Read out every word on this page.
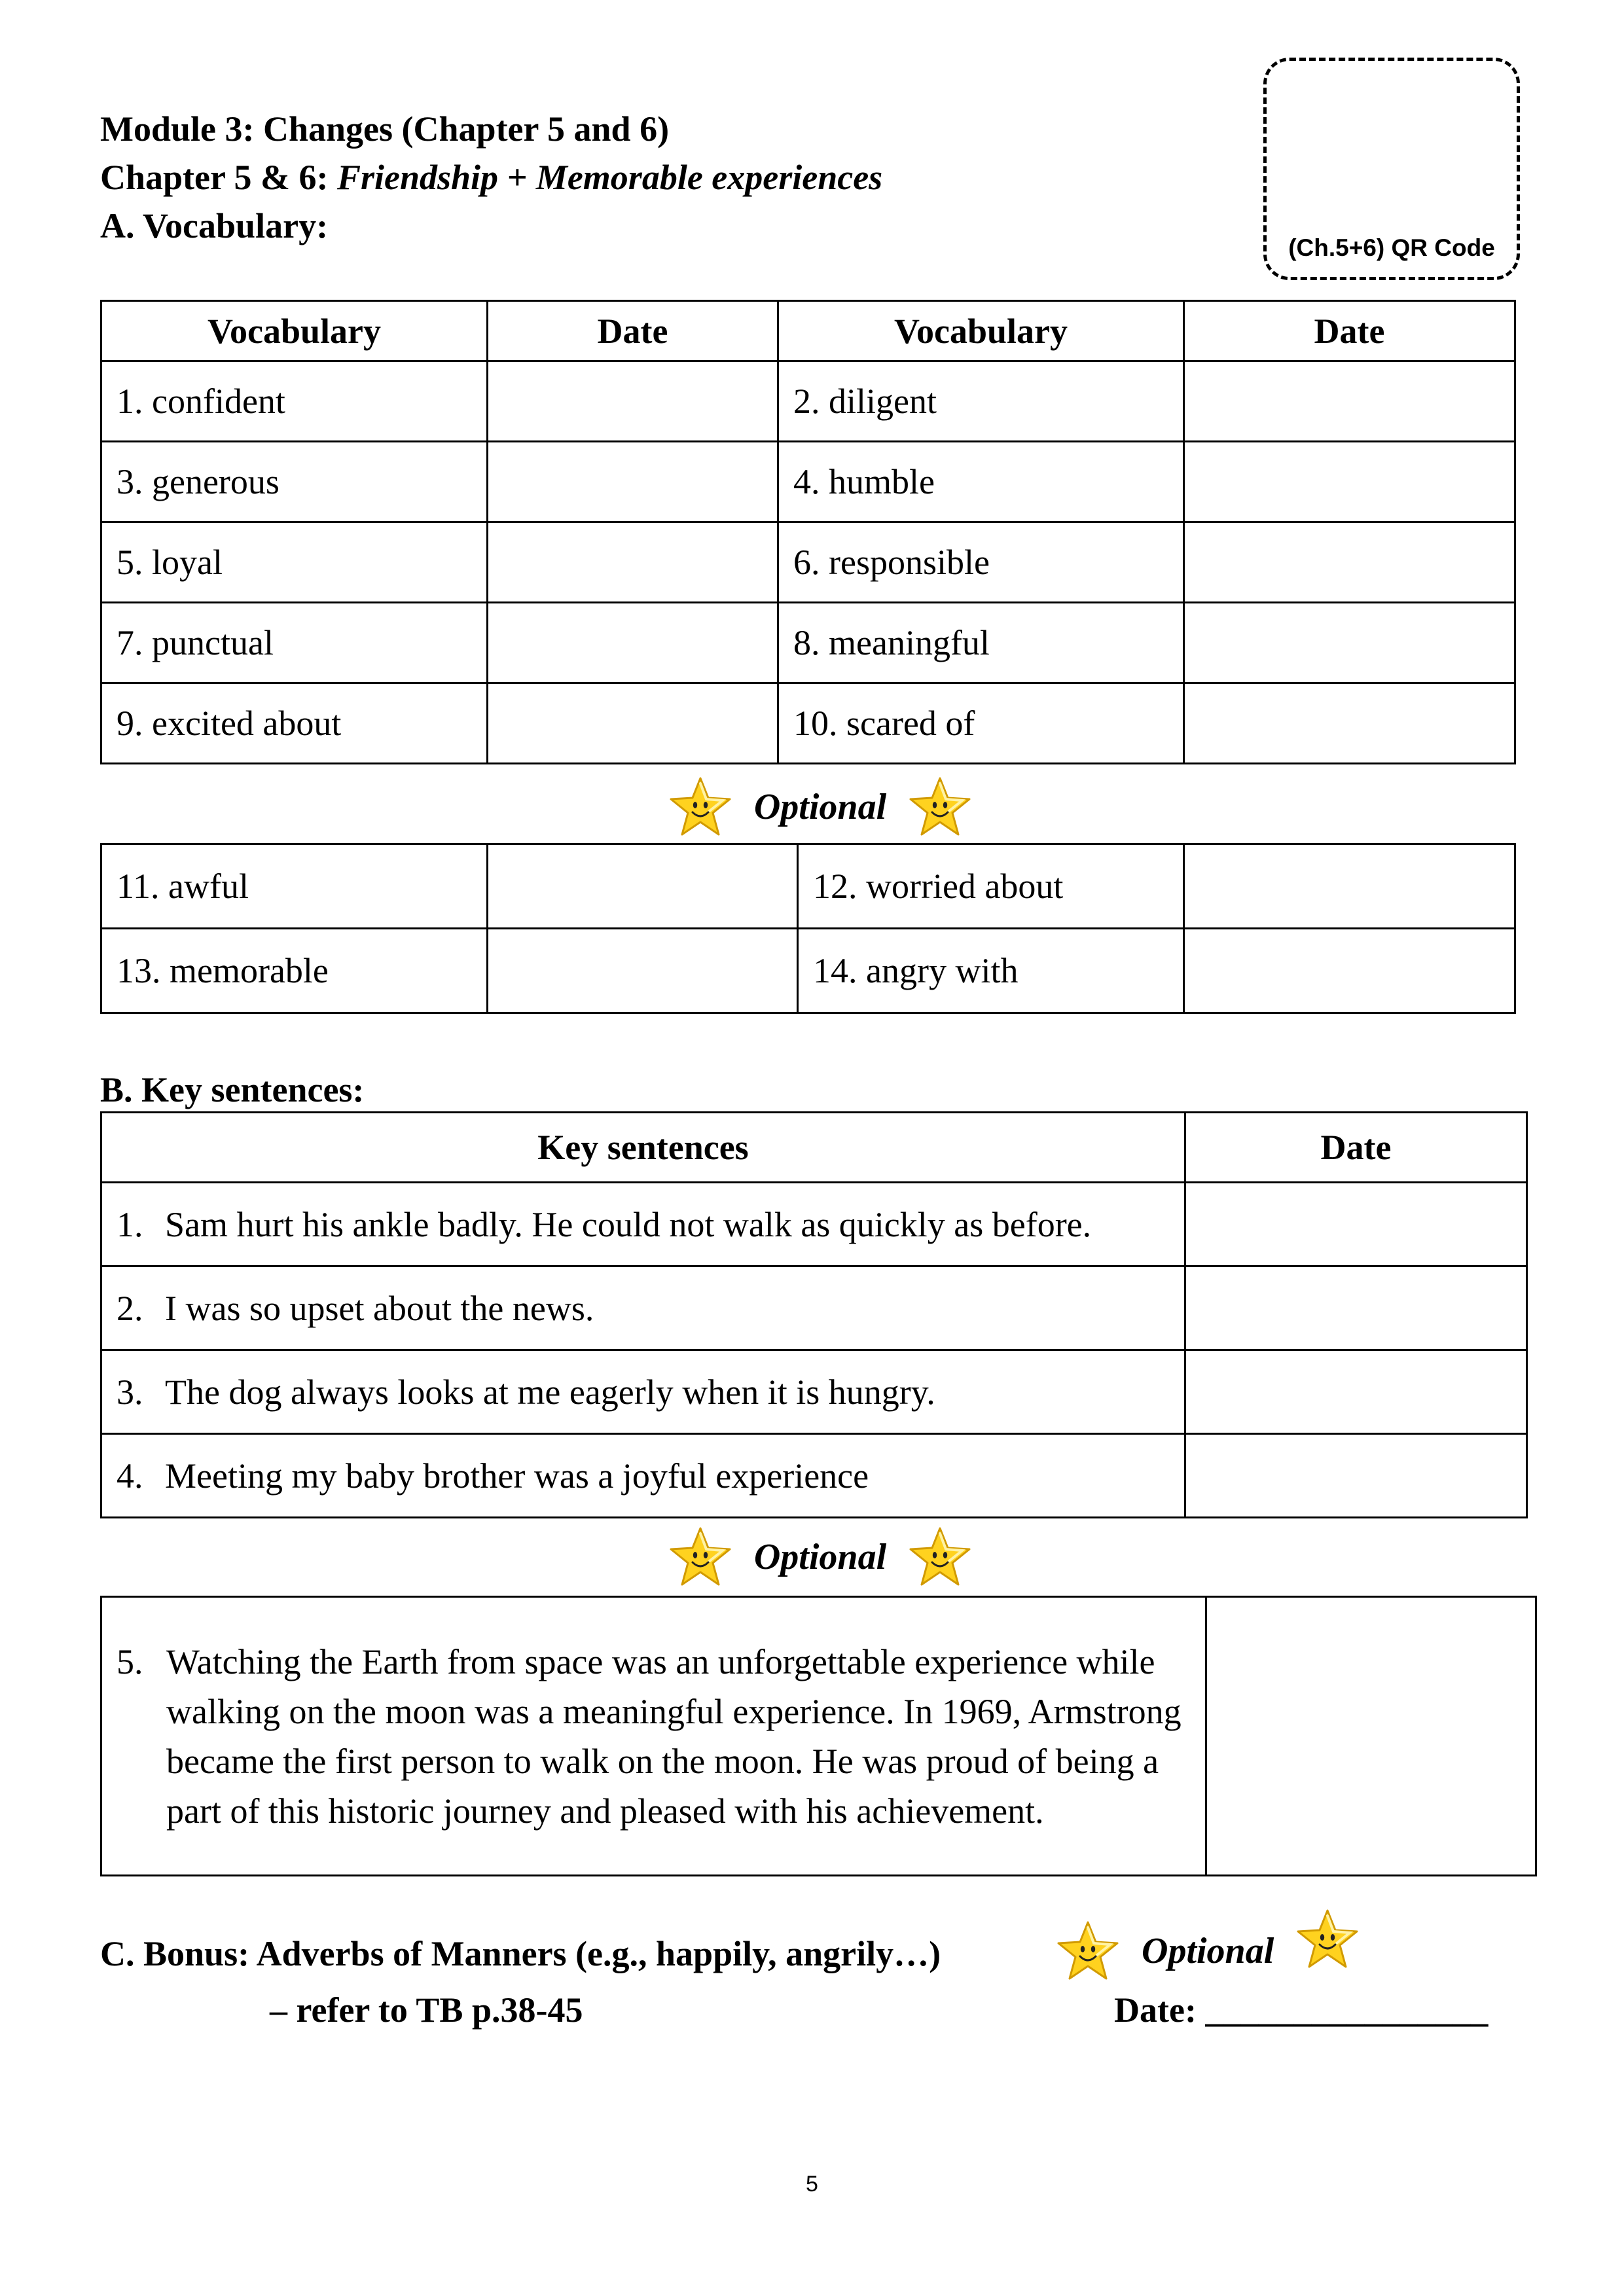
Module 3: Changes (Chapter 5 and 6)
Chapter 5 & 6: Friendship + Memorable experiences
A. Vocabulary:
(Ch.5+6) QR Code
Vocabulary	Date	Vocabulary	Date
1. confident		2. diligent	
3. generous		4. humble	
5. loyal		6. responsible	
7. punctual		8. meaningful	
9. excited about		10. scared of	
Optional
11. awful		12. worried about	
13. memorable		14. angry with	
B. Key sentences:
Key sentences	Date
1. Sam hurt his ankle badly. He could not walk as quickly as before.	
2. I was so upset about the news.	
3. The dog always looks at me eagerly when it is hungry.	
4. Meeting my baby brother was a joyful experience	
Optional
5. Watching the Earth from space was an unforgettable experience while walking on the moon was a meaningful experience. In 1969, Armstrong became the first person to walk on the moon. He was proud of being a part of this historic journey and pleased with his achievement.

C. Bonus: Adverbs of Manners (e.g., happily, angrily…)	Optional
– refer to TB p.38-45	Date: ________________
5
